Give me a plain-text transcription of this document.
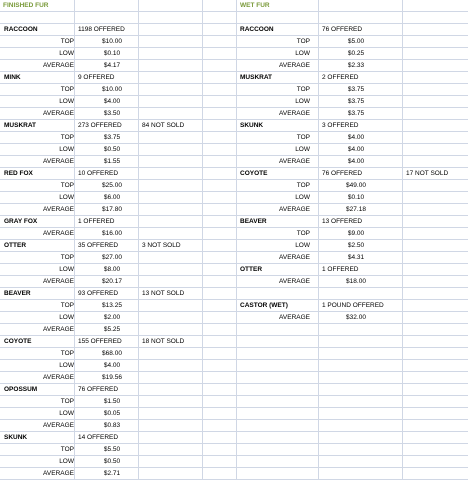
FINISHED FUR	WET FUR
RACCOON	1198 OFFERED
TOP	$10.00
LOW	$0.10
AVERAGE	$4.17
MINK	9 OFFERED
TOP	$10.00
LOW	$4.00
AVERAGE	$3.50
MUSKRAT	273 OFFERED	84 NOT SOLD
TOP	$3.75
LOW	$0.50
AVERAGE	$1.55
RED FOX	10 OFFERED
TOP	$25.00
LOW	$6.00
AVERAGE	$17.80
GRAY FOX	1 OFFERED
AVERAGE	$16.00
OTTER	35 OFFERED	3 NOT SOLD
TOP	$27.00
LOW	$8.00
AVERAGE	$20.17
BEAVER	93 OFFERED	13 NOT SOLD
TOP	$13.25
LOW	$2.00
AVERAGE	$5.25
COYOTE	155 OFFERED	18 NOT SOLD
TOP	$68.00
LOW	$4.00
AVERAGE	$19.56
OPOSSUM	76 OFFERED
TOP	$1.50
LOW	$0.05
AVERAGE	$0.83
SKUNK	14 OFFERED
TOP	$5.50
LOW	$0.50
AVERAGE	$2.71
RACCOON	76 OFFERED
TOP	$5.00
LOW	$0.25
AVERAGE	$2.33
MUSKRAT	2 OFFERED
TOP	$3.75
LOW	$3.75
AVERAGE	$3.75
SKUNK	3 OFFERED
TOP	$4.00
LOW	$4.00
AVERAGE	$4.00
COYOTE	76 OFFERED	17 NOT SOLD
TOP	$49.00
LOW	$0.10
AVERAGE	$27.18
BEAVER	13 OFFERED
TOP	$9.00
LOW	$2.50
AVERAGE	$4.31
OTTER	1 OFFERED
AVERAGE	$18.00
CASTOR (WET)	1 POUND OFFERED
AVERAGE	$32.00
